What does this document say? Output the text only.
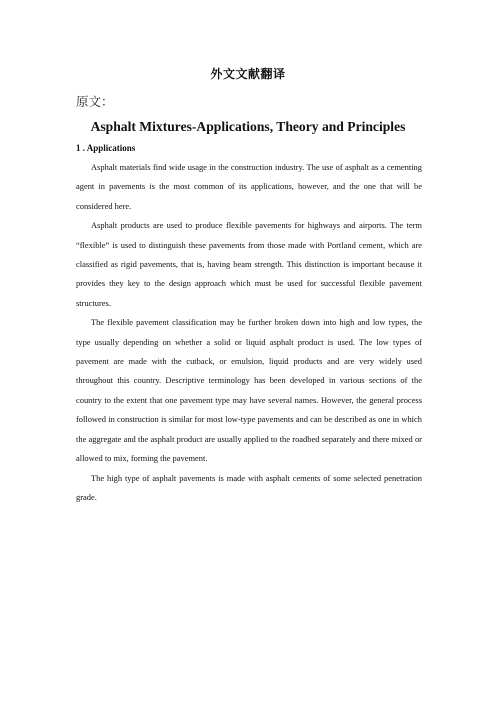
外文文献翻译
原文：
Asphalt Mixtures-Applications, Theory and Principles
1 . Applications

Asphalt materials find wide usage in the construction industry. The use of asphalt as a cementing agent in pavements is the most common of its applications, however, and the one that will be considered here.

Asphalt products are used to produce flexible pavements for highways and airports. The term “flexible” is used to distinguish these pavements from those made with Portland cement, which are classified as rigid pavements, that is, having beam strength. This distinction is important because it provides they key to the design approach which must be used for successful flexible pavement structures.

The flexible pavement classification may be further broken down into high and low types, the type usually depending on whether a solid or liquid asphalt product is used. The low types of pavement are made with the cutback, or emulsion, liquid products and are very widely used throughout this country. Descriptive terminology has been developed in various sections of the country to the extent that one pavement type may have several names. However, the general process followed in construction is similar for most low-type pavements and can be described as one in which the aggregate and the asphalt product are usually applied to the roadbed separately and there mixed or allowed to mix, forming the pavement.

The high type of asphalt pavements is made with asphalt cements of some selected penetration grade.
